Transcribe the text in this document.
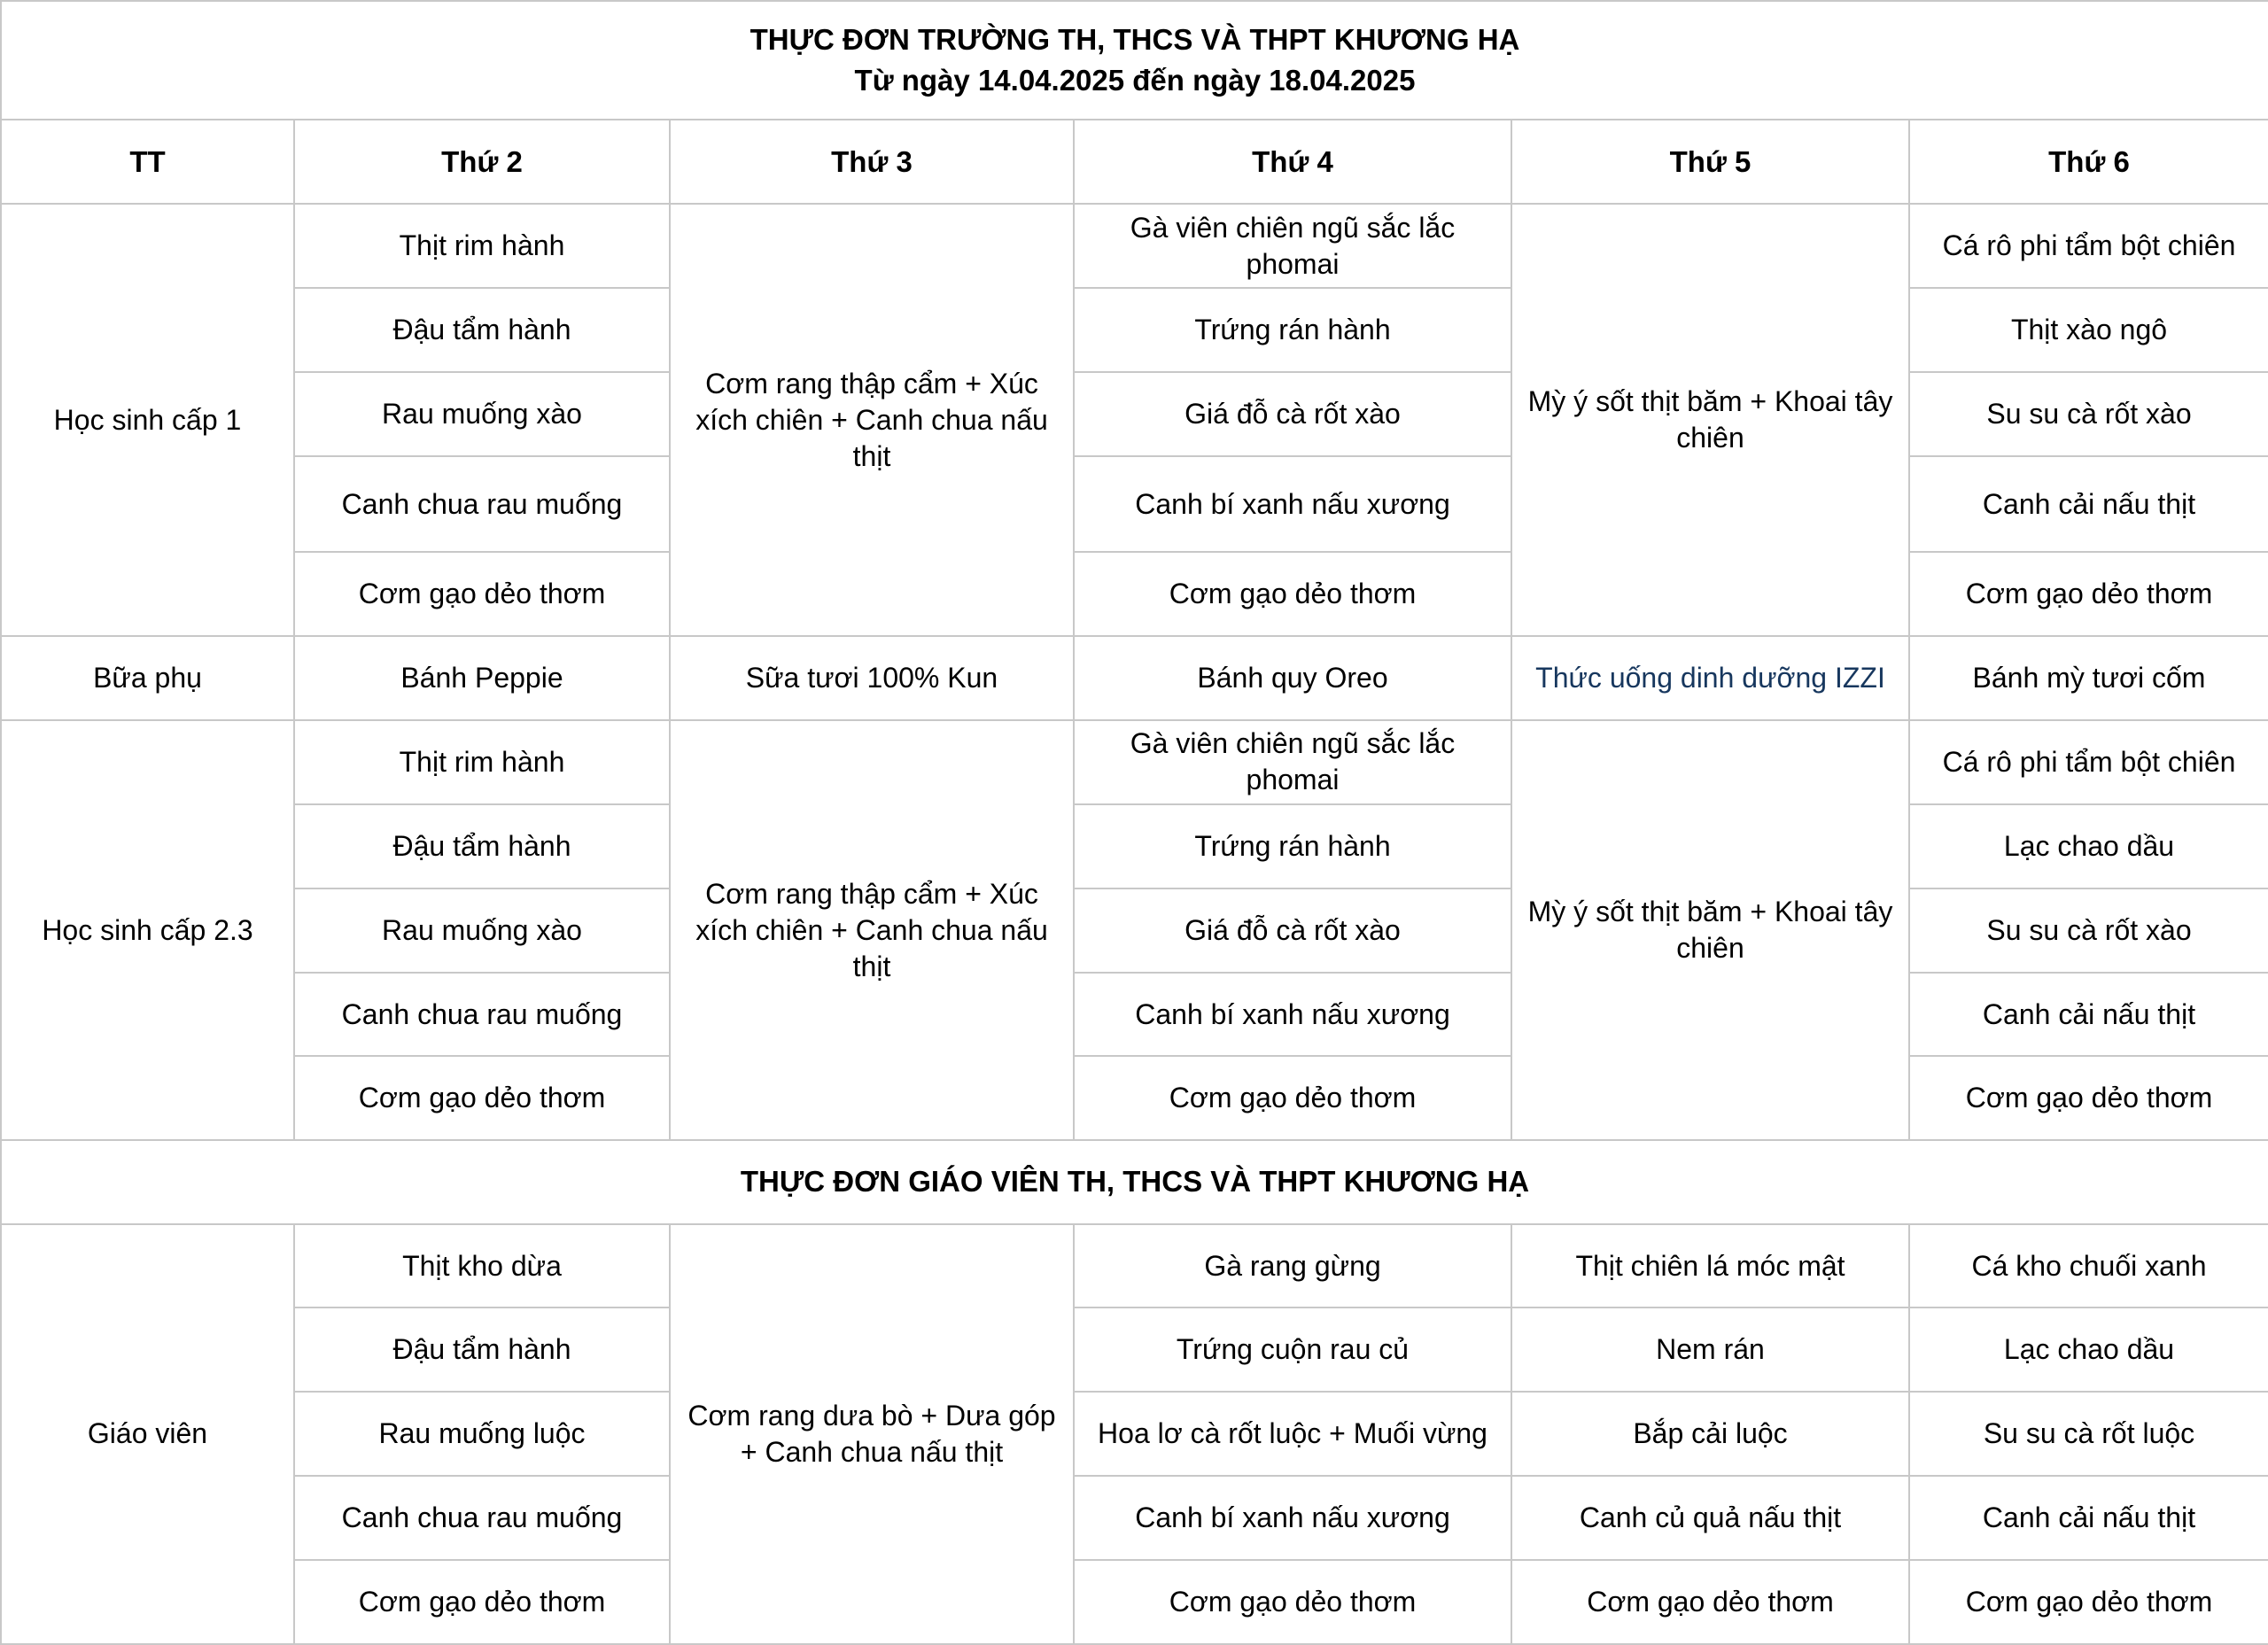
THỰC ĐƠN TRƯỜNG TH, THCS VÀ THPT KHƯƠNG HẠ
Từ ngày 14.04.2025 đến ngày 18.04.2025					

TT	Thứ 2	Thứ 3	Thứ 4	Thứ 5	Thứ 6
Học sinh cấp 1	Thịt rim hành	Cơm rang thập cẩm + Xúc xích chiên + Canh chua nấu thịt	Gà viên chiên ngũ sắc lắc phomai	Mỳ ý sốt thịt băm + Khoai tây chiên	Cá rô phi tẩm bột chiên
	Đậu tẩm hành		Trứng rán hành		Thịt xào ngô
	Rau muống xào		Giá đỗ cà rốt xào		Su su cà rốt xào
	Canh chua rau muống		Canh bí xanh nấu xương		Canh cải nấu thịt
	Cơm gạo dẻo thơm		Cơm gạo dẻo thơm		Cơm gạo dẻo thơm
Bữa phụ	Bánh Peppie	Sữa tươi 100% Kun	Bánh quy Oreo	Thức uống dinh dưỡng IZZI	Bánh mỳ tươi cốm
Học sinh cấp 2.3	Thịt rim hành	Cơm rang thập cẩm + Xúc xích chiên + Canh chua nấu thịt	Gà viên chiên ngũ sắc lắc phomai	Mỳ ý sốt thịt băm + Khoai tây chiên	Cá rô phi tẩm bột chiên
	Đậu tẩm hành		Trứng rán hành		Lạc chao dầu
	Rau muống xào		Giá đỗ cà rốt xào		Su su cà rốt xào
	Canh chua rau muống		Canh bí xanh nấu xương		Canh cải nấu thịt
	Cơm gạo dẻo thơm		Cơm gạo dẻo thơm		Cơm gạo dẻo thơm
THỰC ĐƠN GIÁO VIÊN TH, THCS VÀ THPT KHƯƠNG HẠ					
Giáo viên	Thịt kho dừa	Cơm rang dưa bò + Dưa góp + Canh chua nấu thịt	Gà rang gừng	Thịt chiên lá móc mật	Cá kho chuối xanh
	Đậu tẩm hành		Trứng cuộn rau củ	Nem rán	Lạc chao dầu
	Rau muống luộc		Hoa lơ cà rốt luộc + Muối vừng	Bắp cải luộc	Su su cà rốt luộc
	Canh chua rau muống		Canh bí xanh nấu xương	Canh củ quả nấu thịt	Canh cải nấu thịt
	Cơm gạo dẻo thơm		Cơm gạo dẻo thơm	Cơm gạo dẻo thơm	Cơm gạo dẻo thơm
